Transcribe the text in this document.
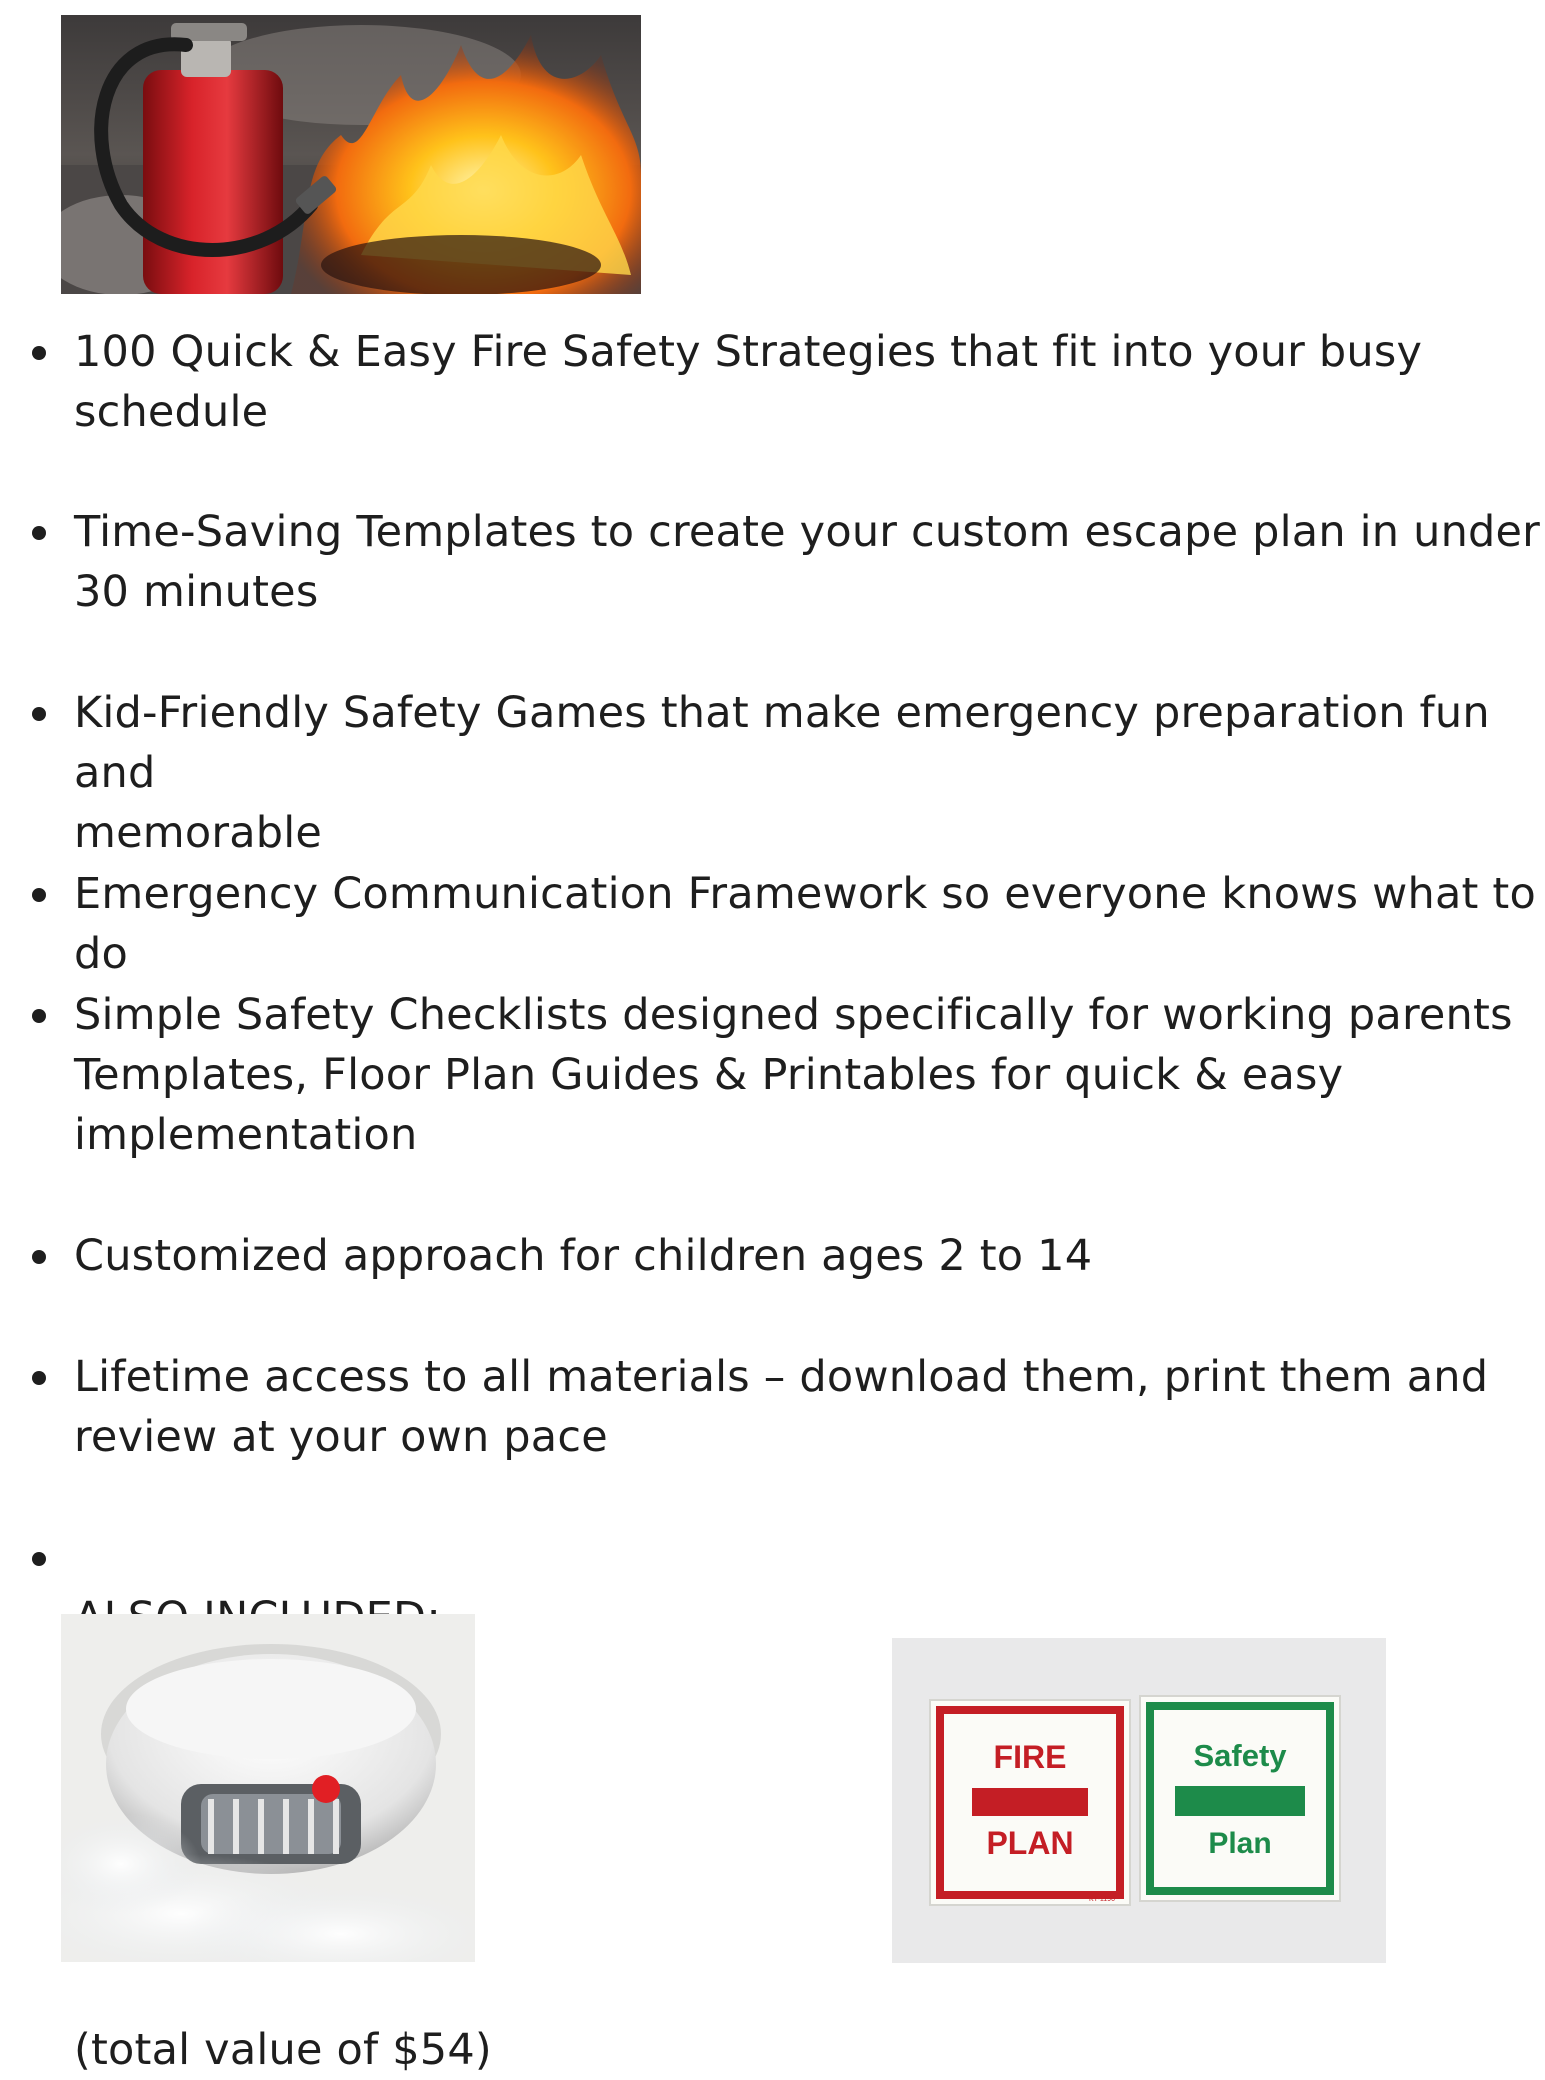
100 Quick & Easy Fire Safety Strategies that fit into your busy
schedule
Time-Saving Templates to create your custom escape plan in under
30 minutes
Kid-Friendly Safety Games that make emergency preparation fun and
memorable
Emergency Communication Framework so everyone knows what to do
Simple Safety Checklists designed specifically for working parents
Templates, Floor Plan Guides & Printables for quick & easy
implementation
Customized approach for children ages 2 to 14
Lifetime access to all materials – download them, print them and
review at your own pace

(total value of $54)

FIRE
PLAN
KT-1190
Safety
Plan
